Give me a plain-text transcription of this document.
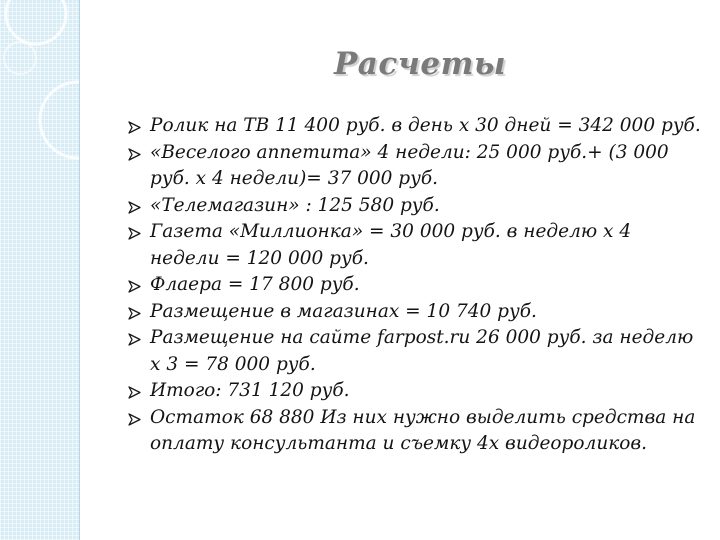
Расчеты
Ролик на ТВ 11 400 руб. в день х 30 дней = 342 000 руб.
«Веселого аппетита» 4 недели: 25 000 руб.+ (3 000 руб. х 4 недели)= 37 000 руб.
«Телемагазин» : 125 580 руб.
Газета «Миллионка» = 30 000 руб. в неделю х 4 недели = 120 000 руб.
Флаера = 17 800 руб.
Размещение в магазинах = 10 740 руб.
Размещение на сайте farpost.ru 26 000 руб. за неделю х 3 = 78 000 руб.
Итого: 731 120 руб.
Остаток 68 880 Из них нужно выделить средства на оплату консультанта и съемку 4х видеороликов.
